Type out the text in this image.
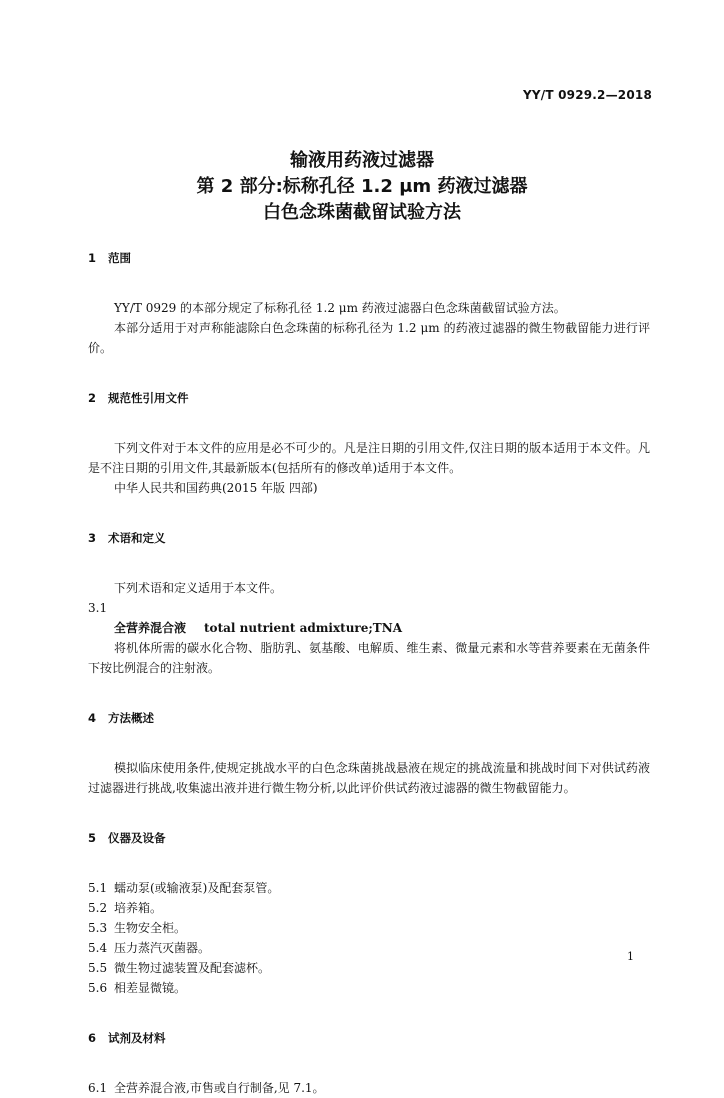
YY/T 0929.2—2018
输液用药液过滤器
第 2 部分:标称孔径 1.2 μm 药液过滤器
白色念珠菌截留试验方法
1 范围

YY/T 0929 的本部分规定了标称孔径 1.2 μm 药液过滤器白色念珠菌截留试验方法。

本部分适用于对声称能滤除白色念珠菌的标称孔径为 1.2 μm 的药液过滤器的微生物截留能力进行评价。

2 规范性引用文件

下列文件对于本文件的应用是必不可少的。凡是注日期的引用文件,仅注日期的版本适用于本文件。凡是不注日期的引用文件,其最新版本(包括所有的修改单)适用于本文件。

中华人民共和国药典(2015 年版 四部)

3 术语和定义

下列术语和定义适用于本文件。

3.1

全营养混合液 total nutrient admixture;TNA

将机体所需的碳水化合物、脂肪乳、氨基酸、电解质、维生素、微量元素和水等营养要素在无菌条件下按比例混合的注射液。

4 方法概述

模拟临床使用条件,使规定挑战水平的白色念珠菌挑战悬液在规定的挑战流量和挑战时间下对供试药液过滤器进行挑战,收集滤出液并进行微生物分析,以此评价供试药液过滤器的微生物截留能力。

5 仪器及设备
5.1 蠕动泵(或输液泵)及配套泵管。
5.2 培养箱。
5.3 生物安全柜。
5.4 压力蒸汽灭菌器。
5.5 微生物过滤装置及配套滤杯。
5.6 相差显微镜。
6 试剂及材料
6.1 全营养混合液,市售或自行制备,见 7.1。
1
